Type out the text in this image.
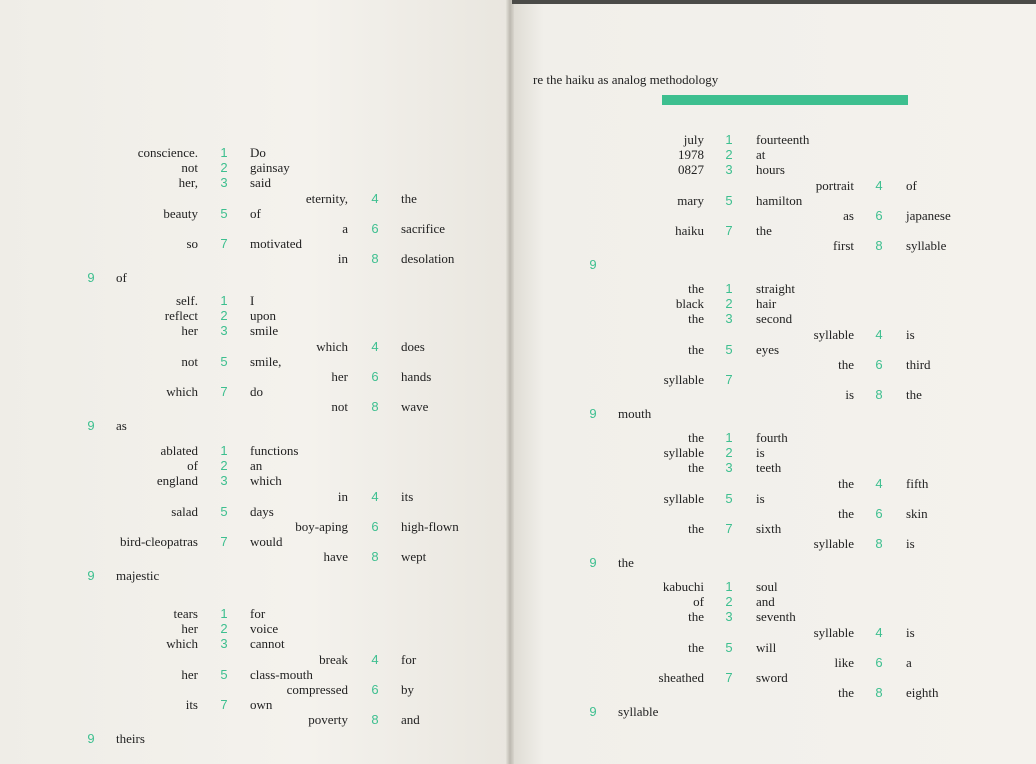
re the haiku as analog methodology
conscience. 1 Do
not 2 gainsay
her, 3 said
eternity, 4 the
beauty 5 of
a 6 sacrifice
so 7 motivated
in 8 desolation
9 of
self. 1 I
reflect 2 upon
her 3 smile
which 4 does
not 5 smile,
her 6 hands
which 7 do
not 8 wave
9 as
ablated 1 functions
of 2 an
england 3 which
in 4 its
salad 5 days
boy-aping 6 high-flown
bird-cleopatras 7 would
have 8 wept
9 majestic
tears 1 for
her 2 voice
which 3 cannot
break 4 for
her 5 class-mouth
compressed 6 by
its 7 own
poverty 8 and
9 theirs
july 1 fourteenth
1978 2 at
0827 3 hours
portrait 4 of
mary 5 hamilton
as 6 japanese
haiku 7 the
first 8 syllable
9
the 1 straight
black 2 hair
the 3 second
syllable 4 is
the 5 eyes
the 6 third
syllable 7
is 8 the
9 mouth
the 1 fourth
syllable 2 is
the 3 teeth
the 4 fifth
syllable 5 is
the 6 skin
the 7 sixth
syllable 8 is
9 the
kabuchi 1 soul
of 2 and
the 3 seventh
syllable 4 is
the 5 will
like 6 a
sheathed 7 sword
the 8 eighth
9 syllable
